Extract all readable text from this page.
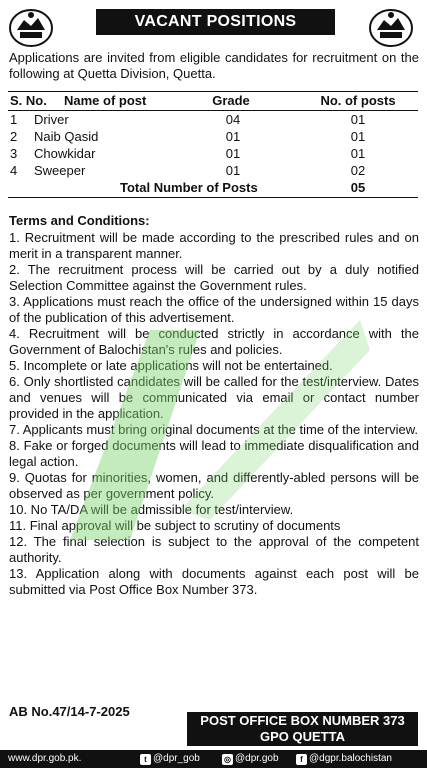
VACANT POSITIONS
Applications are invited from eligible candidates for recruitment on the following at Quetta Division, Quetta.
S. No. Name of post	Grade	No. of posts
1 Driver	04	01
2 Naib Qasid	01	01
3 Chowkidar	01	01
4 Sweeper	01	02
Total Number of Posts	05
Terms and Conditions:

1. Recruitment will be made according to the prescribed rules and on merit in a transparent manner.

2. The recruitment process will be carried out by a duly notified Selection Committee against the Government rules.

3. Applications must reach the office of the undersigned within 15 days of the publication of this advertisement.

4. Recruitment will be conducted strictly in accordance with the Government of Balochistan's rules and policies.

5. Incomplete or late applications will not be entertained.

6. Only shortlisted candidates will be called for the test/interview. Dates and venues will be communicated via email or contact number provided in the application.

7. Applicants must bring original documents at the time of the interview.

8. Fake or forged documents will lead to immediate disqualification and legal action.

9. Quotas for minorities, women, and differently-abled persons will be observed as per government policy.

10. No TA/DA will be admissible for test/interview.

11. Final approval will be subject to scrutiny of documents

12. The final selection is subject to the approval of the competent authority.

13. Application along with documents against each post will be submitted via Post Office Box Number 373.

AB No.47/14-7-2025
POST OFFICE BOX NUMBER 373
GPO QUETTA
www.dpr.gob.pk.	t @dpr_gob	◎ @dpr.gob	f @dgpr.balochistan
